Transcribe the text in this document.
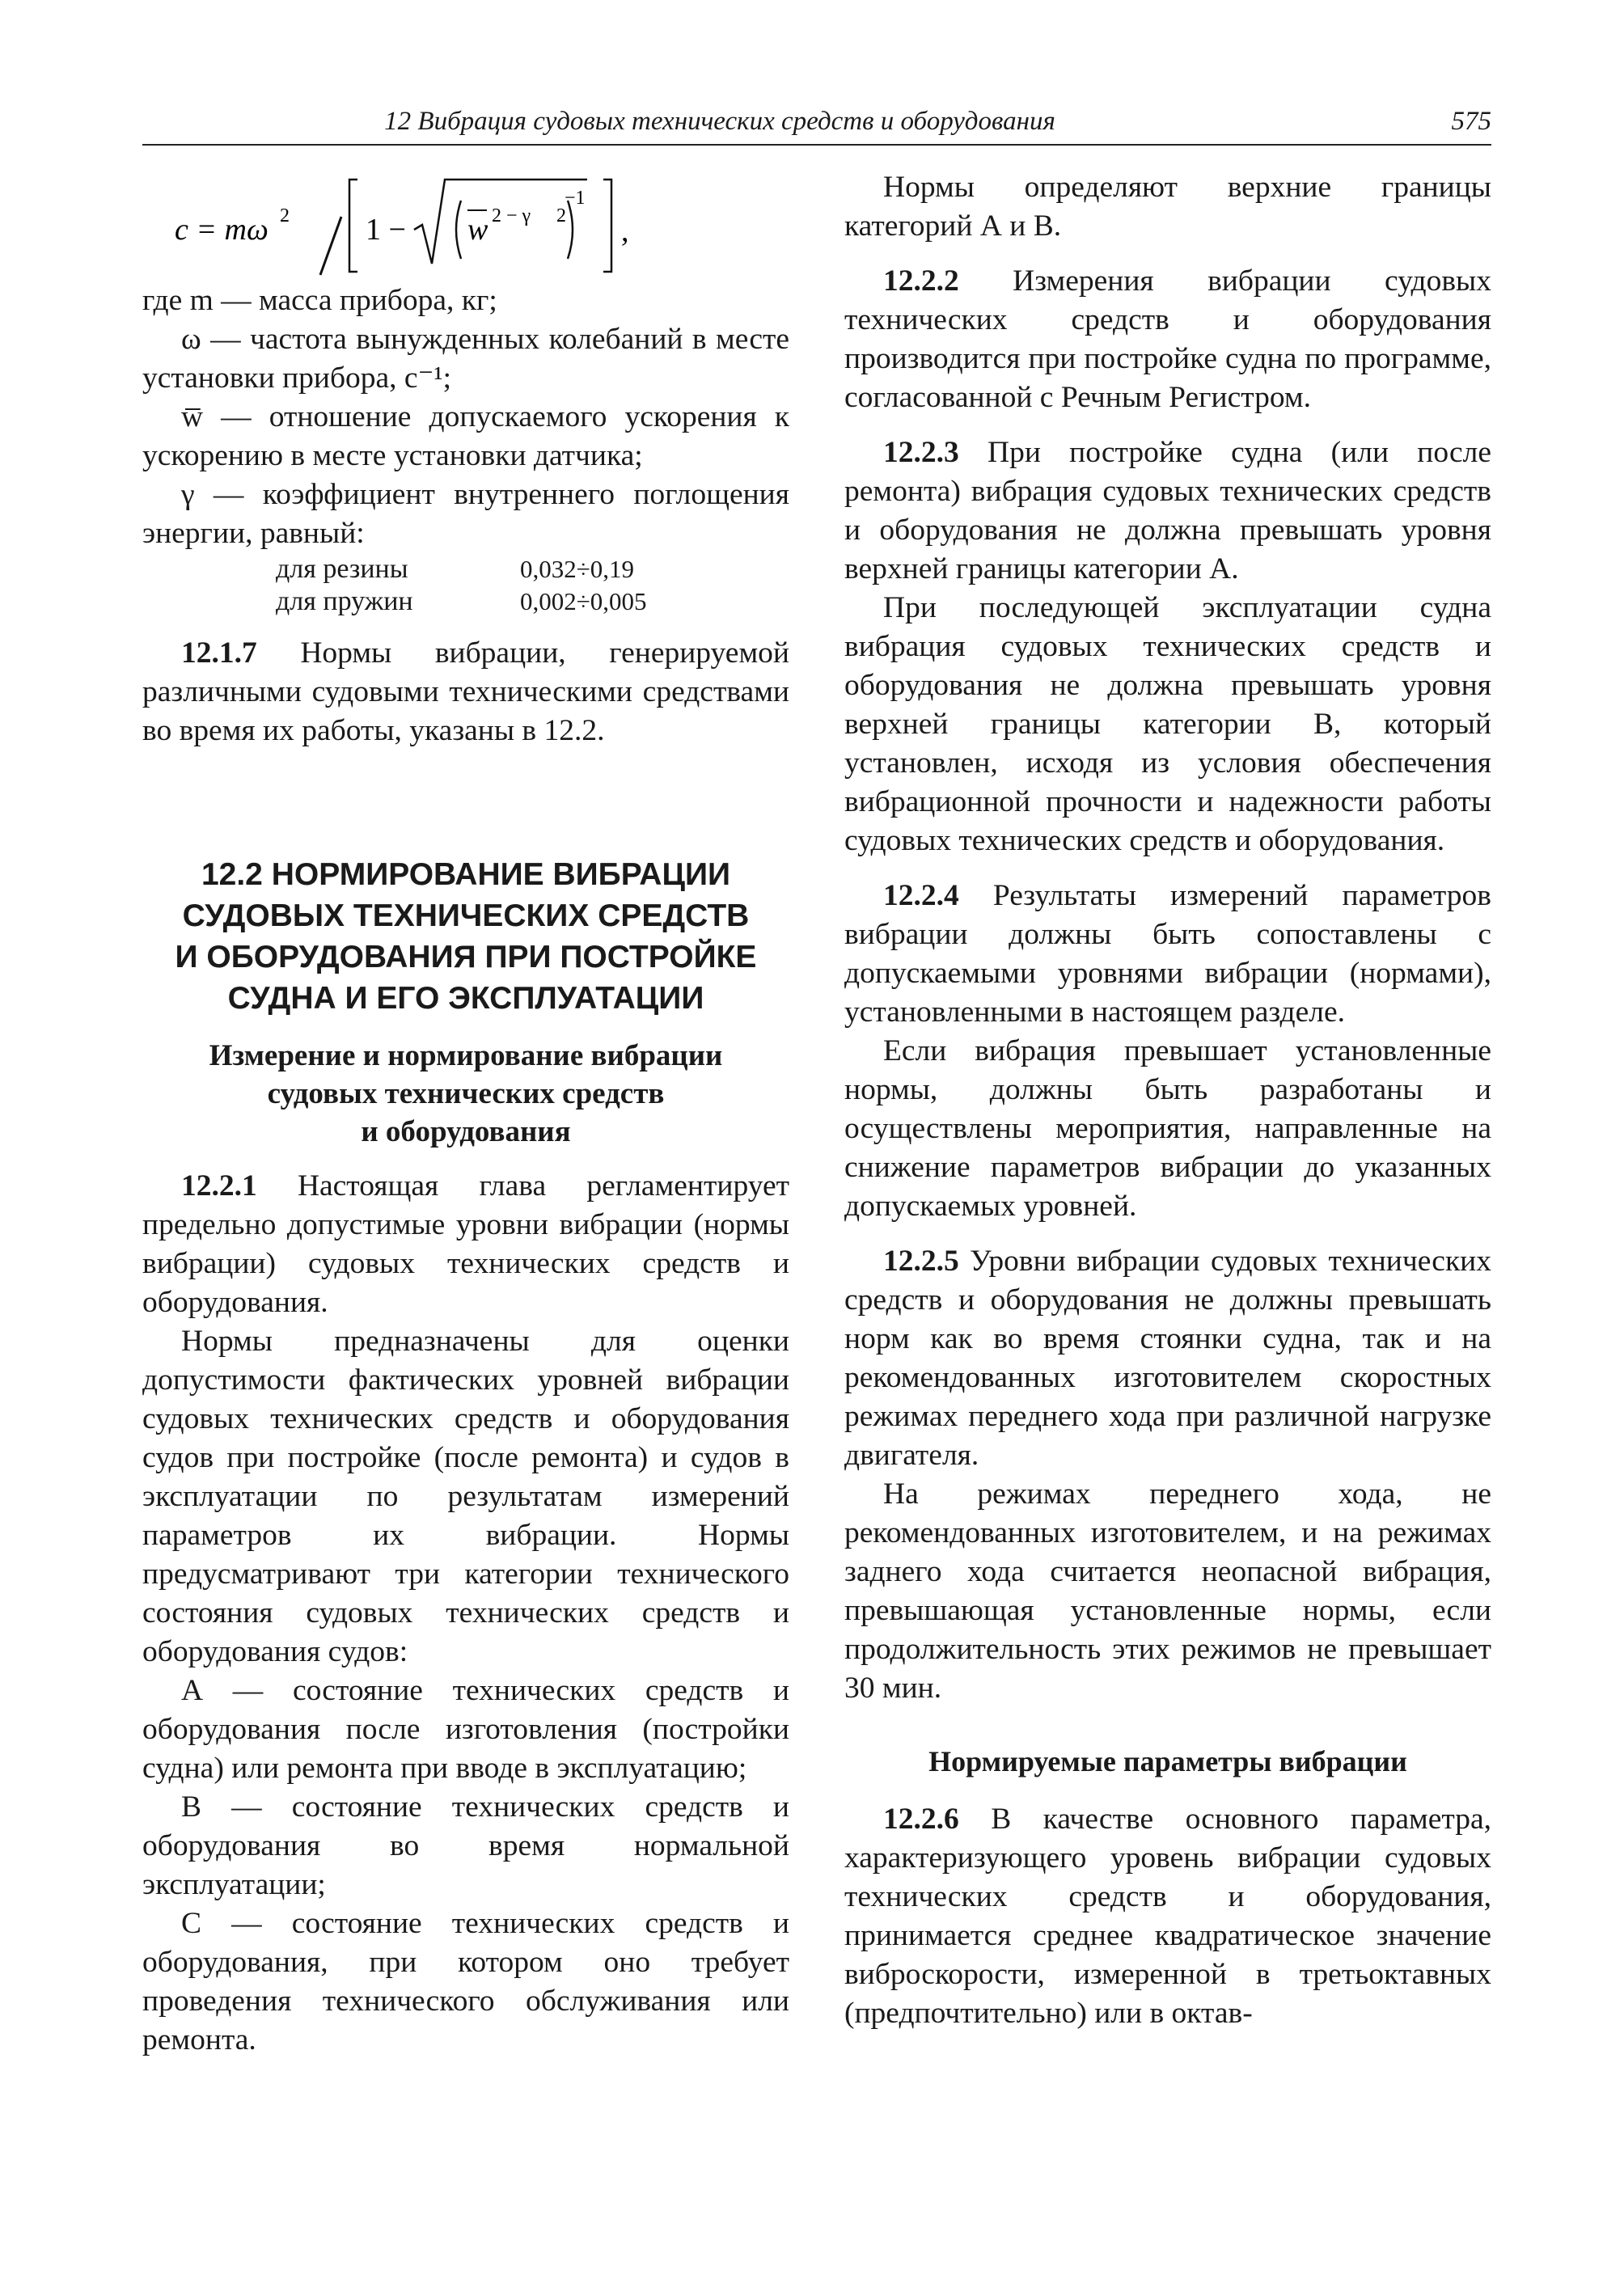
12 Вибрация судовых технических средств и оборудования	575
c = mω 2 1 − w 2 − γ 2
−1
,

где m — масса прибора, кг;

ω — частота вынужденных колебаний в месте установки прибора, с⁻¹;

w̅ — отношение допускаемого ускорения к ускорению в месте установки датчика;

γ — коэффициент внутреннего поглощения энергии, равный:

для резины	0,032÷0,19
для пружин	0,002÷0,005

12.1.7 Нормы вибрации, генерируемой различными судовыми техническими средствами во время их работы, указаны в 12.2.

12.2 НОРМИРОВАНИЕ ВИБРАЦИИ
СУДОВЫХ ТЕХНИЧЕСКИХ СРЕДСТВ
И ОБОРУДОВАНИЯ ПРИ ПОСТРОЙКЕ
СУДНА И ЕГО ЭКСПЛУАТАЦИИ
Измерение и нормирование вибрации
судовых технических средств
и оборудования

12.2.1 Настоящая глава регламентирует предельно допустимые уровни вибрации (нормы вибрации) судовых технических средств и оборудования.

Нормы предназначены для оценки допустимости фактических уровней вибрации судовых технических средств и оборудования судов при постройке (после ремонта) и судов в эксплуатации по результатам измерений параметров их вибрации. Нормы предусматривают три категории технического состояния судовых технических средств и оборудования судов:

А — состояние технических средств и оборудования после изготовления (постройки судна) или ремонта при вводе в эксплуатацию;

В — состояние технических средств и оборудования во время нормальной эксплуатации;

С — состояние технических средств и оборудования, при котором оно требует проведения технического обслуживания или ремонта.

Нормы определяют верхние границы категорий А и В.

12.2.2 Измерения вибрации судовых технических средств и оборудования производится при постройке судна по программе, согласованной с Речным Регистром.

12.2.3 При постройке судна (или после ремонта) вибрация судовых технических средств и оборудования не должна превышать уровня верхней границы категории А.

При последующей эксплуатации судна вибрация судовых технических средств и оборудования не должна превышать уровня верхней границы категории В, который установлен, исходя из условия обеспечения вибрационной прочности и надежности работы судовых технических средств и оборудования.

12.2.4 Результаты измерений параметров вибрации должны быть сопоставлены с допускаемыми уровнями вибрации (нормами), установленными в настоящем разделе.

Если вибрация превышает установленные нормы, должны быть разработаны и осуществлены мероприятия, направленные на снижение параметров вибрации до указанных допускаемых уровней.

12.2.5 Уровни вибрации судовых технических средств и оборудования не должны превышать норм как во время стоянки судна, так и на рекомендованных изготовителем скоростных режимах переднего хода при различной нагрузке двигателя.

На режимах переднего хода, не рекомендованных изготовителем, и на режимах заднего хода считается неопасной вибрация, превышающая установленные нормы, если продолжительность этих режимов не превышает 30 мин.

Нормируемые параметры вибрации

12.2.6 В качестве основного параметра, характеризующего уровень вибрации судовых технических средств и оборудования, принимается среднее квадратическое значение виброскорости, измеренной в третьоктавных (предпочтительно) или в октав-
